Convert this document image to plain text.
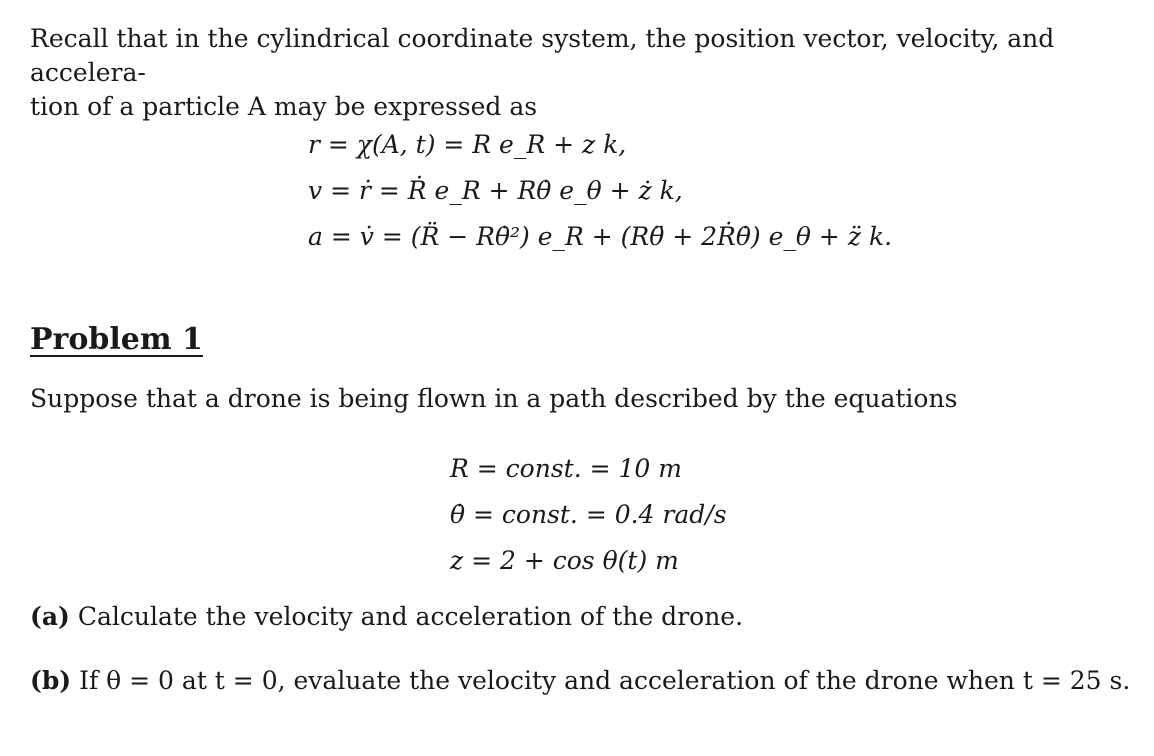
Recall that in the cylindrical coordinate system, the position vector, velocity, and accelera-
tion of a particle A may be expressed as

r = χ(A, t) = R e_R + z k,
v = ṙ = Ṙ e_R + Rθ̇ e_θ + ż k,
a = v̇ = (R̈ − Rθ̇²) e_R + (Rθ̈ + 2Ṙθ̇) e_θ + z̈ k.
Problem 1

Suppose that a drone is being flown in a path described by the equations

R = const. = 10 m
θ̇ = const. = 0.4 rad/s
z = 2 + cos θ(t) m

(a) Calculate the velocity and acceleration of the drone.

(b) If θ = 0 at t = 0, evaluate the velocity and acceleration of the drone when t = 25 s.
